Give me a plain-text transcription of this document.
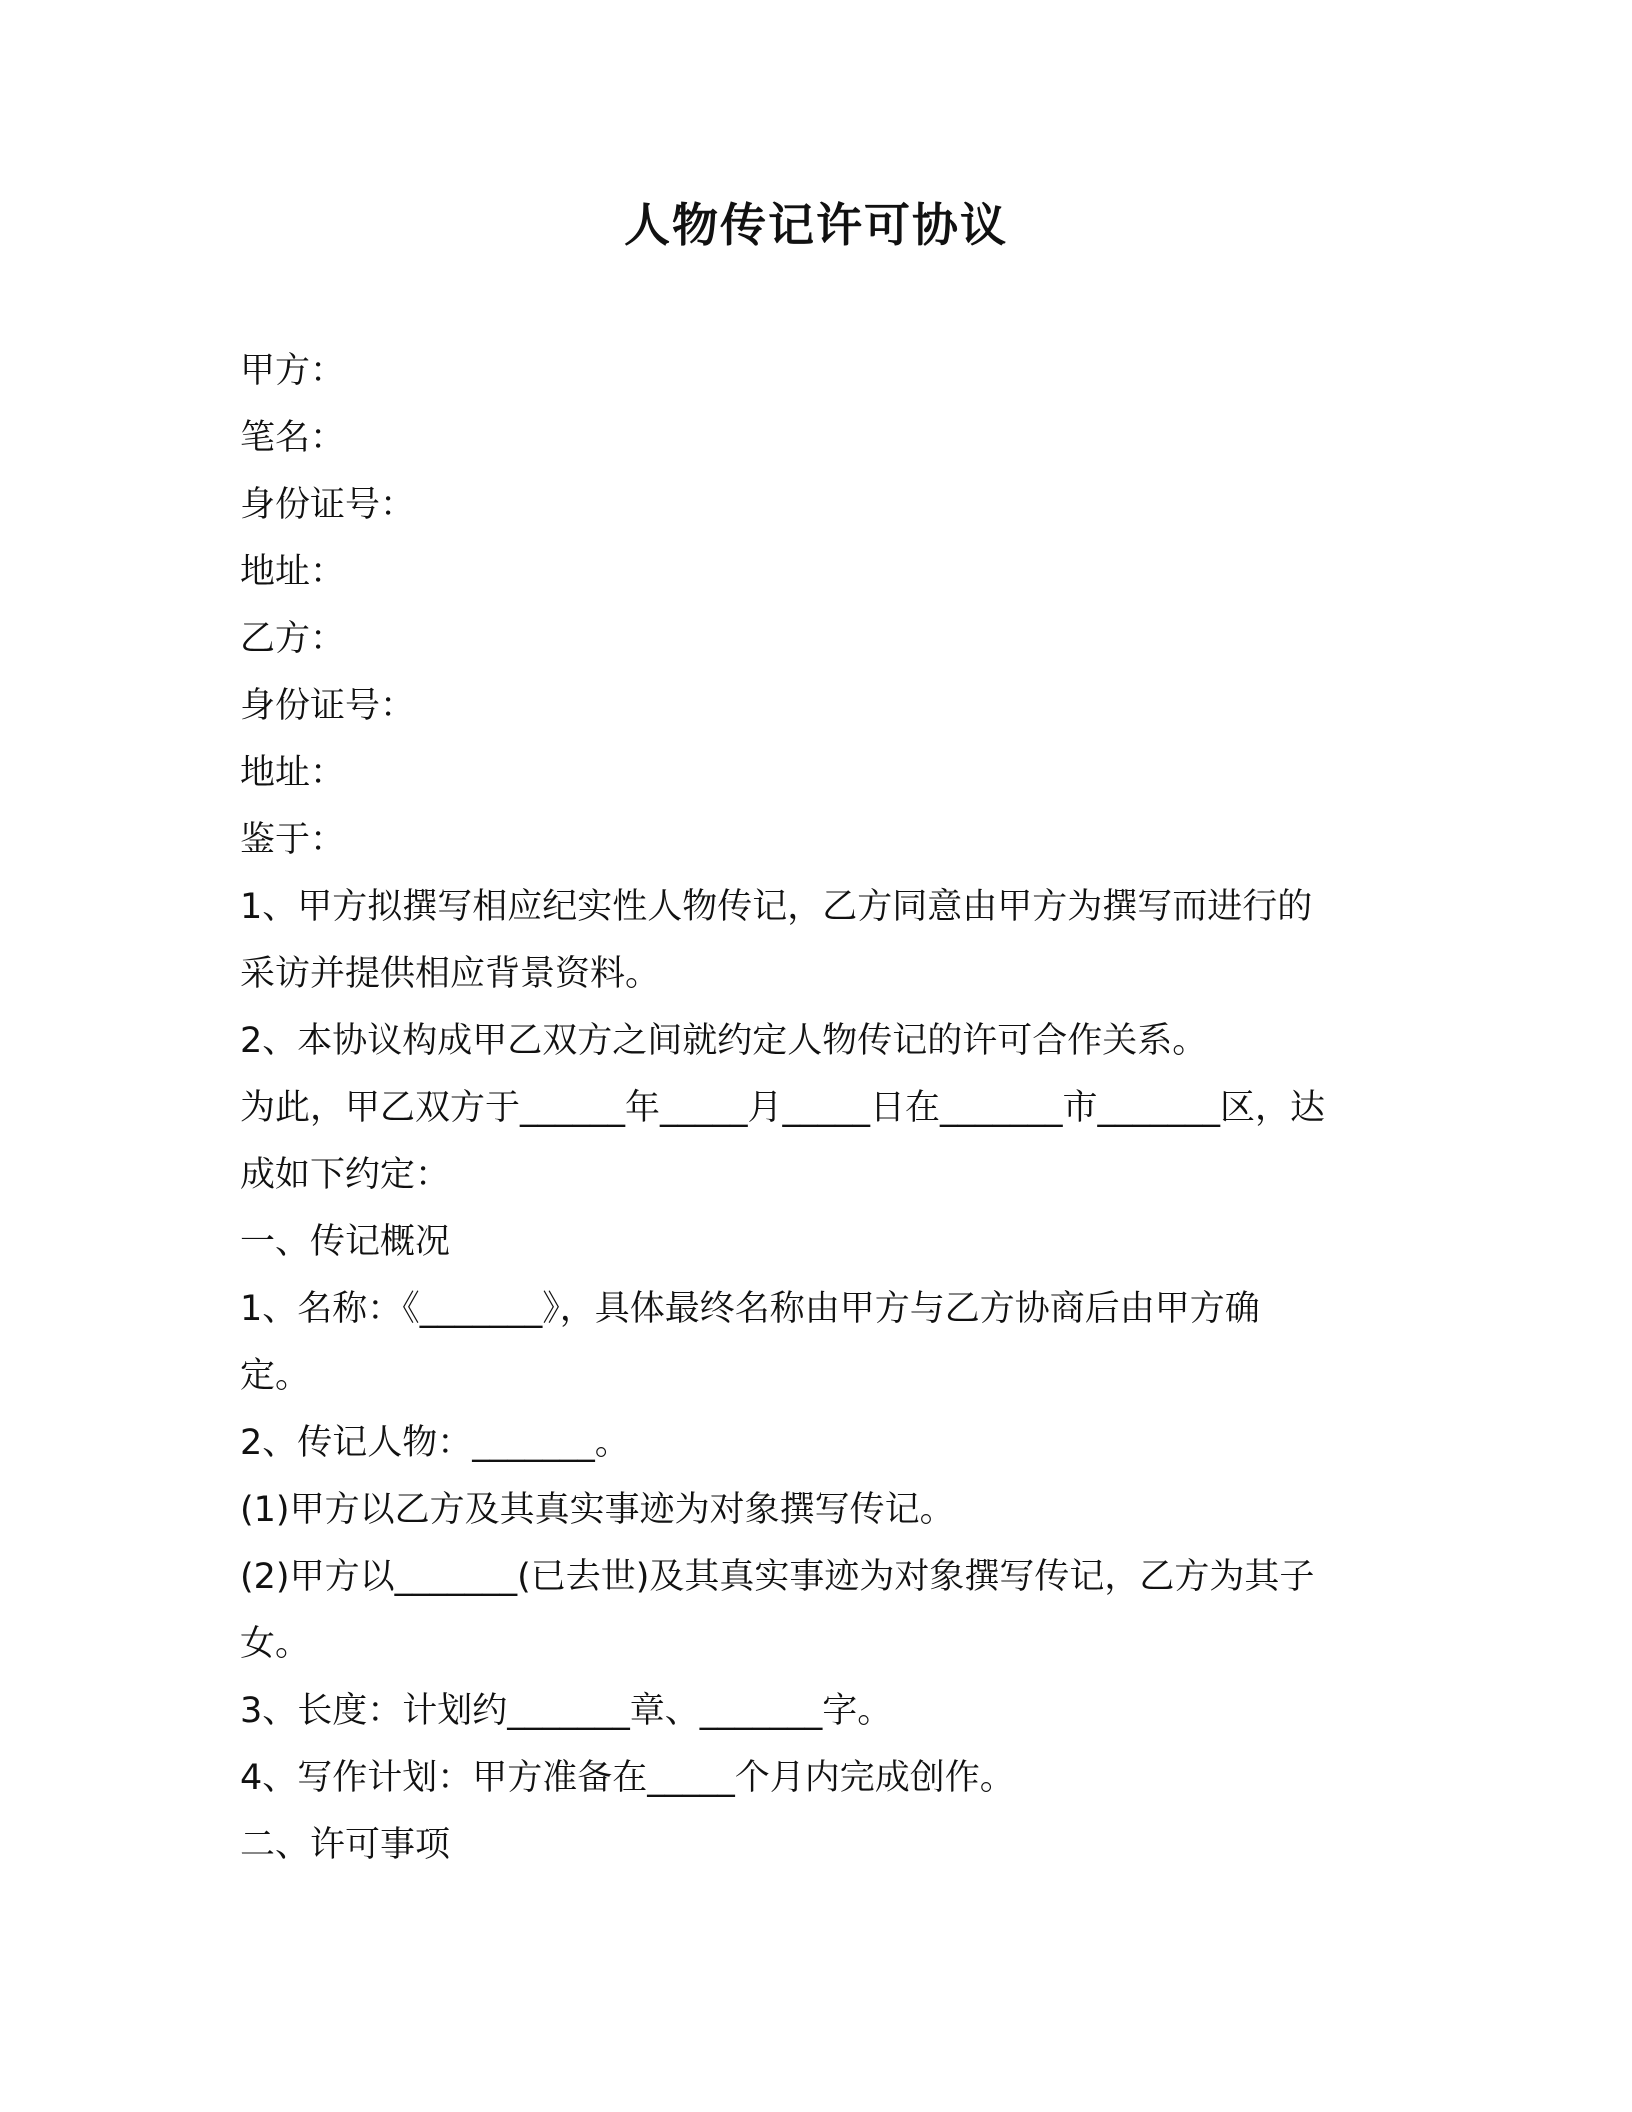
人物传记许可协议
甲方：
笔名：
身份证号：
地址：
乙方：
身份证号：
地址：
鉴于：
1、甲方拟撰写相应纪实性人物传记，乙方同意由甲方为撰写而进行的
采访并提供相应背景资料。
2、本协议构成甲乙双方之间就约定人物传记的许可合作关系。
为此，甲乙双方于______年_____月_____日在_______市_______区，达
成如下约定：
一、传记概况
1、名称：《_______》，具体最终名称由甲方与乙方协商后由甲方确
定。
2、传记人物：_______。
(1)甲方以乙方及其真实事迹为对象撰写传记。
(2)甲方以_______(已去世)及其真实事迹为对象撰写传记，乙方为其子
女。
3、长度：计划约_______章、_______字。
4、写作计划：甲方准备在_____个月内完成创作。
二、许可事项
